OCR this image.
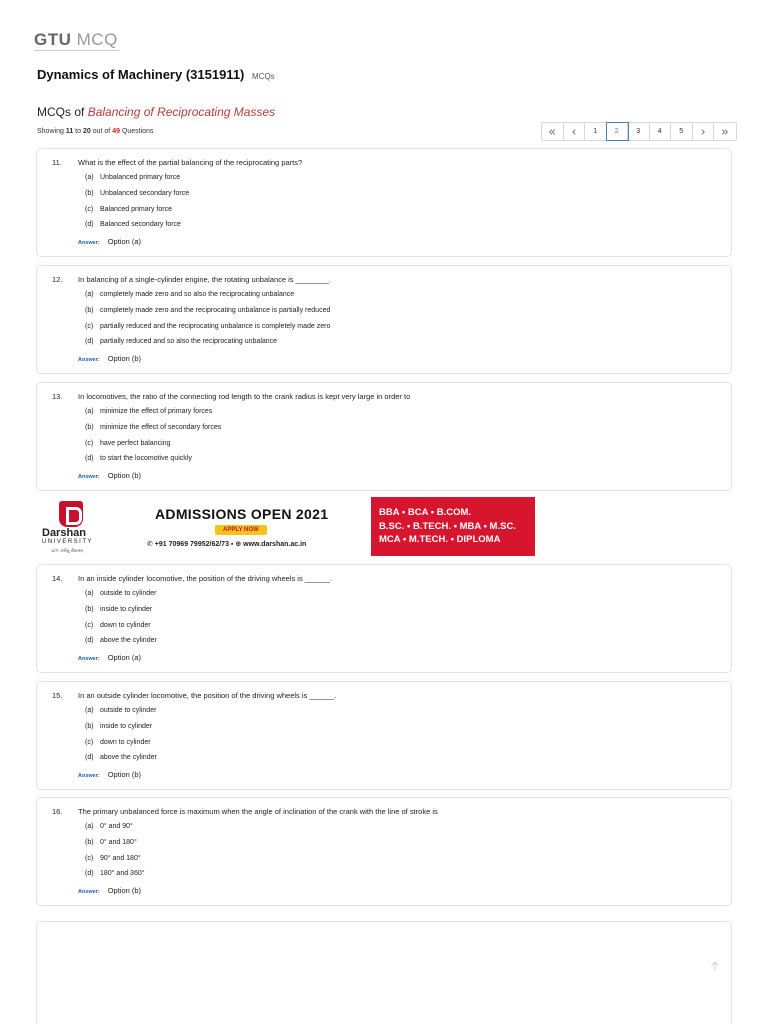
GTU MCQ
Dynamics of Machinery (3151911) MCQs
MCQs of Balancing of Reciprocating Masses
Showing 11 to 20 out of 49 Questions	1	2	3	4	5
11. What is the effect of the partial balancing of the reciprocating parts?
(a) Unbalanced primary force
(b) Unbalanced secondary force
(c) Balanced primary force
(d) Balanced secondary force
Answer: Option (a)
12. In balancing of a single-cylinder engine, the rotating unbalance is ________.
(a) completely made zero and so also the reciprocating unbalance
(b) completely made zero and the reciprocating unbalance is partially reduced
(c) partially reduced and the reciprocating unbalance is completely made zero
(d) partially reduced and so also the reciprocating unbalance
Answer: Option (b)
13. In locomotives, the ratio of the connecting rod length to the crank radius is kept very large in order to
(a) minimize the effect of primary forces
(b) minimize the effect of secondary forces
(c) have perfect balancing
(d) to start the locomotive quickly
Answer: Option (b)
Darshan
UNIVERSITY
યોગઃ કર્મસુ કૌશલમ્
ADMISSIONS OPEN 2021
APPLY NOW
✆ +91 70969 79952/62/73 ▪ ⊕ www.darshan.ac.in
BBA ▪ BCA ▪ B.COM.
B.SC. ▪ B.TECH. ▪ MBA ▪ M.SC.
MCA ▪ M.TECH. ▪ DIPLOMA
14. In an inside cylinder locomotive, the position of the driving wheels is ______.
(a) outside to cylinder
(b) inside to cylinder
(c) down to cylinder
(d) above the cylinder
Answer: Option (a)
15. In an outside cylinder locomotive, the position of the driving wheels is ______.
(a) outside to cylinder
(b) inside to cylinder
(c) down to cylinder
(d) above the cylinder
Answer: Option (b)
16. The primary unbalanced force is maximum when the angle of inclination of the crank with the line of stroke is
(a) 0° and 90°
(b) 0° and 180°
(c) 90° and 180°
(d) 180° and 360°
Answer: Option (b)
